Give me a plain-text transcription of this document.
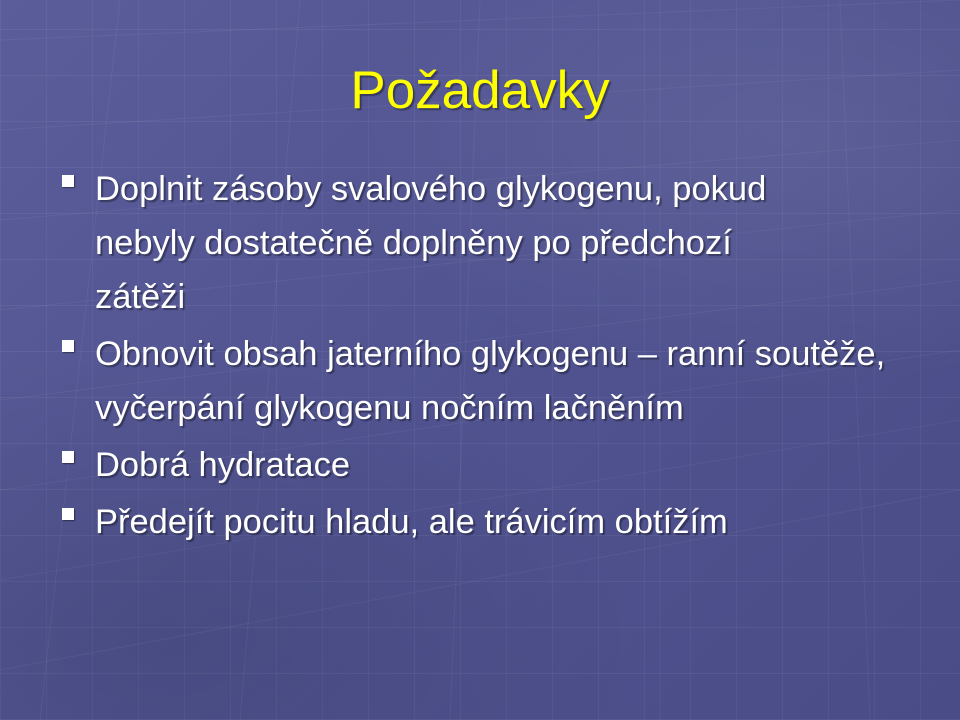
Požadavky
Doplnit zásoby svalového glykogenu, pokud nebyly dostatečně doplněny po předchozí zátěži
Obnovit obsah jaterního glykogenu – ranní soutěže, vyčerpání glykogenu nočním lačněním
Dobrá hydratace
Předejít pocitu hladu, ale trávicím obtížím
